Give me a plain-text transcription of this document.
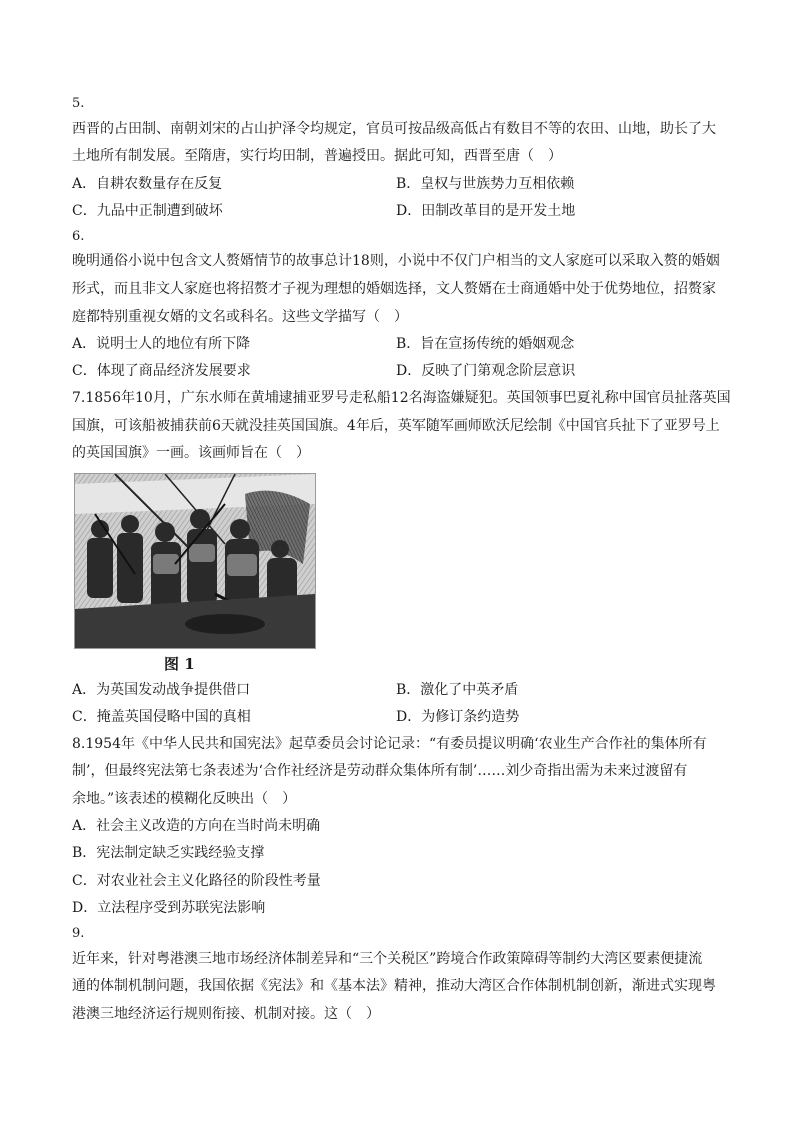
5.
西晋的占田制、南朝刘宋的占山护泽令均规定，官员可按品级高低占有数目不等的农田、山地，助长了大
土地所有制发展。至隋唐，实行均田制，普遍授田。据此可知，西晋至唐（　）
A．自耕农数量存在反复	B．皇权与世族势力互相依赖
C．九品中正制遭到破坏	D．田制改革目的是开发土地
6.
晚明通俗小说中包含文人赘婿情节的故事总计18则，小说中不仅门户相当的文人家庭可以采取入赘的婚姻
形式，而且非文人家庭也将招赘才子视为理想的婚姻选择，文人赘婿在士商通婚中处于优势地位，招赘家
庭都特别重视女婿的文名或科名。这些文学描写（　）
A．说明士人的地位有所下降	B．旨在宣扬传统的婚姻观念
C．体现了商品经济发展要求	D．反映了门第观念阶层意识
7.1856年10月，广东水师在黄埔逮捕亚罗号走私船12名海盗嫌疑犯。英国领事巴夏礼称中国官员扯落英国
国旗，可该船被捕获前6天就没挂英国国旗。4年后，英军随军画师欧沃尼绘制《中国官兵扯下了亚罗号上
的英国国旗》一画。该画师旨在（　）
图 1
A．为英国发动战争提供借口	B．激化了中英矛盾
C．掩盖英国侵略中国的真相	D．为修订条约造势
8.1954年《中华人民共和国宪法》起草委员会讨论记录：“有委员提议明确‘农业生产合作社的集体所有
制’，但最终宪法第七条表述为‘合作社经济是劳动群众集体所有制’……刘少奇指出需为未来过渡留有
余地。”该表述的模糊化反映出（　）
A．社会主义改造的方向在当时尚未明确
B．宪法制定缺乏实践经验支撑
C．对农业社会主义化路径的阶段性考量
D．立法程序受到苏联宪法影响
9.
近年来，针对粤港澳三地市场经济体制差异和“三个关税区”跨境合作政策障碍等制约大湾区要素便捷流
通的体制机制问题，我国依据《宪法》和《基本法》精神，推动大湾区合作体制机制创新，渐进式实现粤
港澳三地经济运行规则衔接、机制对接。这（　）
